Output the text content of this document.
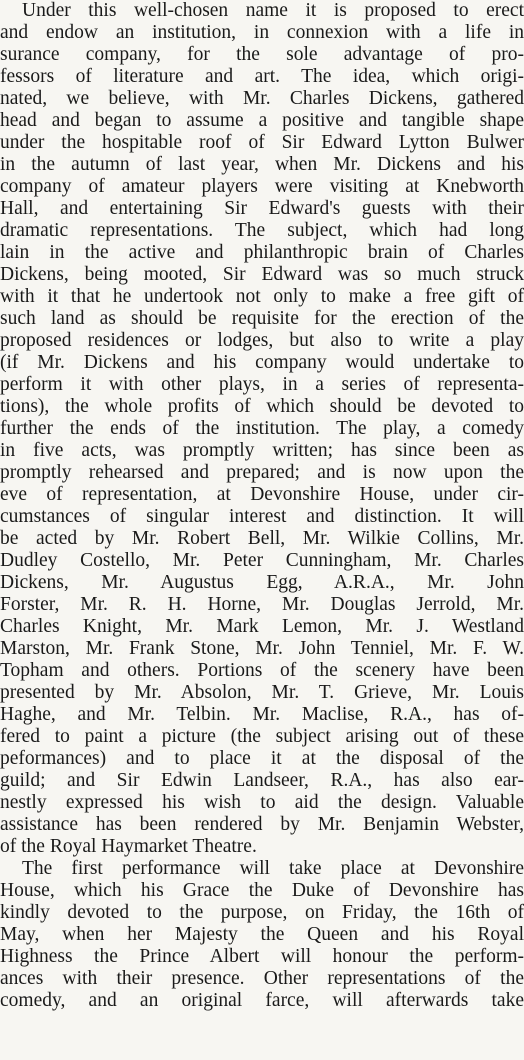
Under this well-chosen name it is proposed to erect
and endow an institution, in connexion with a life in
surance company, for the sole advantage of pro-
fessors of literature and art. The idea, which origi-
nated, we believe, with Mr. Charles Dickens, gathered
head and began to assume a positive and tangible shape
under the hospitable roof of Sir Edward Lytton Bulwer
in the autumn of last year, when Mr. Dickens and his
company of amateur players were visiting at Knebworth
Hall, and entertaining Sir Edward's guests with their
dramatic representations. The subject, which had long
lain in the active and philanthropic brain of Charles
Dickens, being mooted, Sir Edward was so much struck
with it that he undertook not only to make a free gift of
such land as should be requisite for the erection of the
proposed residences or lodges, but also to write a play
(if Mr. Dickens and his company would undertake to
perform it with other plays, in a series of representa-
tions), the whole profits of which should be devoted to
further the ends of the institution. The play, a comedy
in five acts, was promptly written; has since been as
promptly rehearsed and prepared; and is now upon the
eve of representation, at Devonshire House, under cir-
cumstances of singular interest and distinction. It will
be acted by Mr. Robert Bell, Mr. Wilkie Collins, Mr.
Dudley Costello, Mr. Peter Cunningham, Mr. Charles
Dickens, Mr. Augustus Egg, A.R.A., Mr. John
Forster, Mr. R. H. Horne, Mr. Douglas Jerrold, Mr.
Charles Knight, Mr. Mark Lemon, Mr. J. Westland
Marston, Mr. Frank Stone, Mr. John Tenniel, Mr. F. W.
Topham and others. Portions of the scenery have been
presented by Mr. Absolon, Mr. T. Grieve, Mr. Louis
Haghe, and Mr. Telbin. Mr. Maclise, R.A., has of-
fered to paint a picture (the subject arising out of these
peformances) and to place it at the disposal of the
guild; and Sir Edwin Landseer, R.A., has also ear-
nestly expressed his wish to aid the design. Valuable
assistance has been rendered by Mr. Benjamin Webster,
of the Royal Haymarket Theatre.
The first performance will take place at Devonshire
House, which his Grace the Duke of Devonshire has
kindly devoted to the purpose, on Friday, the 16th of
May, when her Majesty the Queen and his Royal
Highness the Prince Albert will honour the perform-
ances with their presence. Other representations of the
comedy, and an original farce, will afterwards take
